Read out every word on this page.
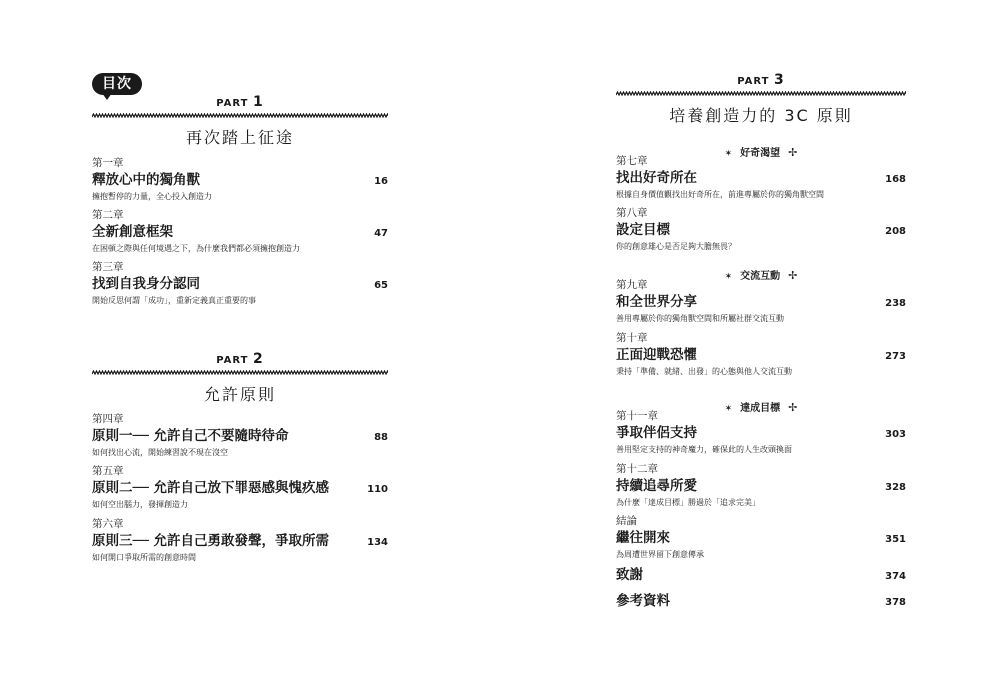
目次
PART 1
再次踏上征途
第一章
釋放心中的獨角獸	16
擁抱暫停的力量，全心投入創造力
第二章
全新創意框架	47
在困頓之際與任何境遇之下，為什麼我們都必須擁抱創造力
第三章
找到自我身分認同	65
開始反思何謂「成功」，重新定義真正重要的事
PART 2
允許原則
第四章
原則一── 允許自己不要隨時待命	88
如何找出心流，開始練習說不現在沒空
第五章
原則二── 允許自己放下罪惡感與愧疚感	110
如何空出腦力，發揮創造力
第六章
原則三── 允許自己勇敢發聲，爭取所需	134
如何開口爭取所需的創意時間
PART 3
培養創造力的 3C 原則
✶ 好奇渴望 ✢
第七章
找出好奇所在	168
根據自身價值觀找出好奇所在，前進專屬於你的獨角獸空間
第八章
設定目標	208
你的創意雄心是否足夠大膽無畏？
✶ 交流互動 ✢
第九章
和全世界分享	238
善用專屬於你的獨角獸空間和所屬社群交流互動
第十章
正面迎戰恐懼	273
秉持「準備、就緒、出發」的心態與他人交流互動
✶ 達成目標 ✢
第十一章
爭取伴侶支持	303
善用堅定支持的神奇魔力，確保此的人生改頭換面
第十二章
持續追尋所愛	328
為什麼「達成目標」勝過於「追求完美」
結論
繼往開來	351
為周遭世界留下創意傳承
致謝	374
參考資料	378
